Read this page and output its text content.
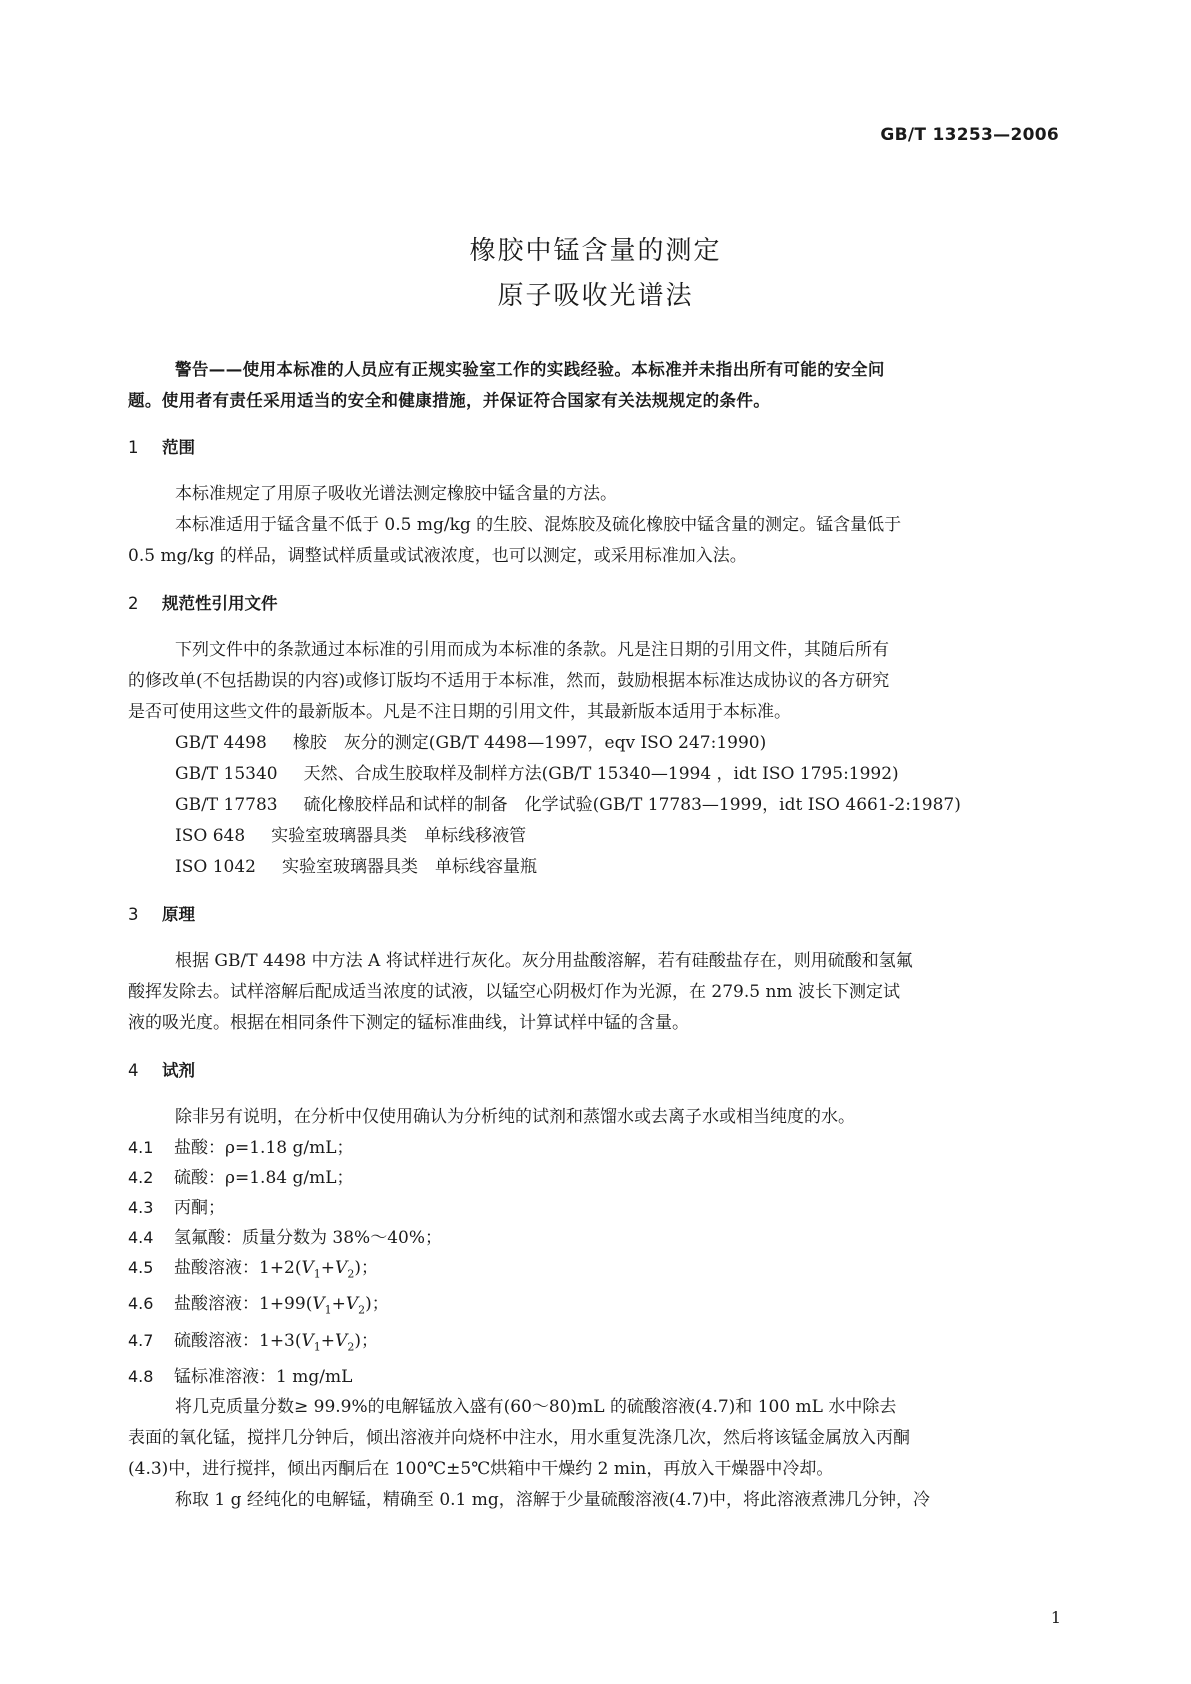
GB/T 13253—2006
橡胶中锰含量的测定
原子吸收光谱法

警告——使用本标准的人员应有正规实验室工作的实践经验。本标准并未指出所有可能的安全问

题。使用者有责任采用适当的安全和健康措施，并保证符合国家有关法规规定的条件。

1 范围

本标准规定了用原子吸收光谱法测定橡胶中锰含量的方法。

本标准适用于锰含量不低于 0.5 mg/kg 的生胶、混炼胶及硫化橡胶中锰含量的测定。锰含量低于

0.5 mg/kg 的样品，调整试样质量或试液浓度，也可以测定，或采用标准加入法。

2 规范性引用文件

下列文件中的条款通过本标准的引用而成为本标准的条款。凡是注日期的引用文件，其随后所有

的修改单(不包括勘误的内容)或修订版均不适用于本标准，然而，鼓励根据本标准达成协议的各方研究

是否可使用这些文件的最新版本。凡是不注日期的引用文件，其最新版本适用于本标准。

GB/T 4498 橡胶　灰分的测定(GB/T 4498—1997，eqv ISO 247:1990)

GB/T 15340 天然、合成生胶取样及制样方法(GB/T 15340—1994 ，idt ISO 1795:1992)

GB/T 17783 硫化橡胶样品和试样的制备　化学试验(GB/T 17783—1999，idt ISO 4661-2:1987)

ISO 648 实验室玻璃器具类　单标线移液管

ISO 1042 实验室玻璃器具类　单标线容量瓶

3 原理

根据 GB/T 4498 中方法 A 将试样进行灰化。灰分用盐酸溶解，若有硅酸盐存在，则用硫酸和氢氟

酸挥发除去。试样溶解后配成适当浓度的试液，以锰空心阴极灯作为光源，在 279.5 nm 波长下测定试

液的吸光度。根据在相同条件下测定的锰标准曲线，计算试样中锰的含量。

4 试剂

除非另有说明，在分析中仅使用确认为分析纯的试剂和蒸馏水或去离子水或相当纯度的水。

4.1 盐酸：ρ=1.18 g/mL；
4.2 硫酸：ρ=1.84 g/mL；
4.3 丙酮；
4.4 氢氟酸：质量分数为 38%～40%；
4.5 盐酸溶液：$1+2(V_1+V_2)$；
4.6 盐酸溶液：$1+99(V_1+V_2)$；
4.7 硫酸溶液：$1+3(V_1+V_2)$；
4.8 锰标准溶液：1 mg/mL

将几克质量分数≥ 99.9%的电解锰放入盛有(60～80)mL 的硫酸溶液(4.7)和 100 mL 水中除去

表面的氧化锰，搅拌几分钟后，倾出溶液并向烧杯中注水，用水重复洗涤几次，然后将该锰金属放入丙酮

(4.3)中，进行搅拌，倾出丙酮后在 100℃±5℃烘箱中干燥约 2 min，再放入干燥器中冷却。

称取 1 g 经纯化的电解锰，精确至 0.1 mg，溶解于少量硫酸溶液(4.7)中，将此溶液煮沸几分钟，冷

1
